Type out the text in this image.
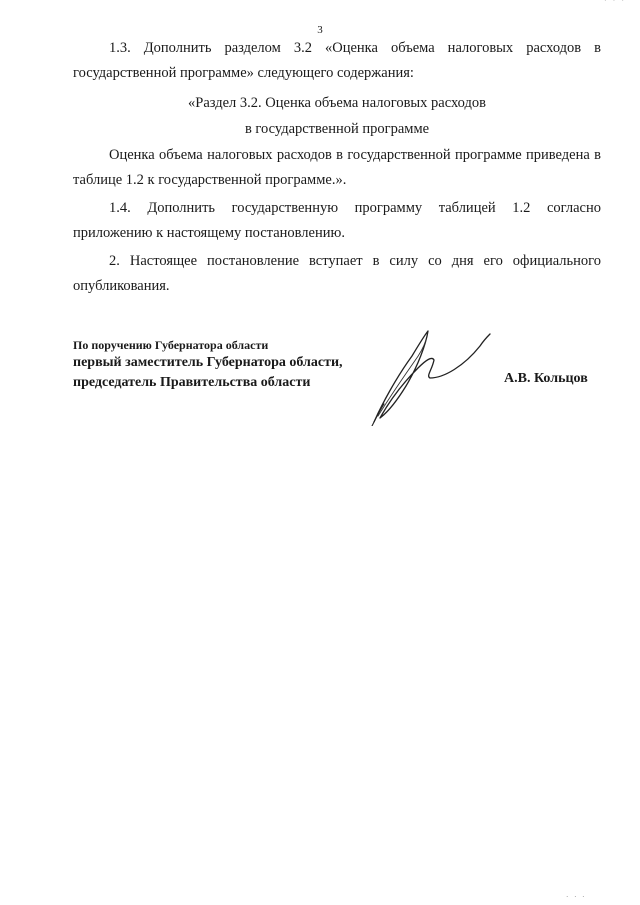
· · ·
3

1.3. Дополнить разделом 3.2 «Оценка объема налоговых расходов в государственной программе» следующего содержания:

«Раздел 3.2. Оценка объема налоговых расходов

в государственной программе

Оценка объема налоговых расходов в государственной программе приведена в таблице 1.2 к государственной программе.».

1.4. Дополнить государственную программу таблицей 1.2 согласно приложению к настоящему постановлению.

2. Настоящее постановление вступает в силу со дня его официального опубликования.

По поручению Губернатора области

первый заместитель Губернатора области,

председатель Правительства области	А.В. Кольцов
· · ·
